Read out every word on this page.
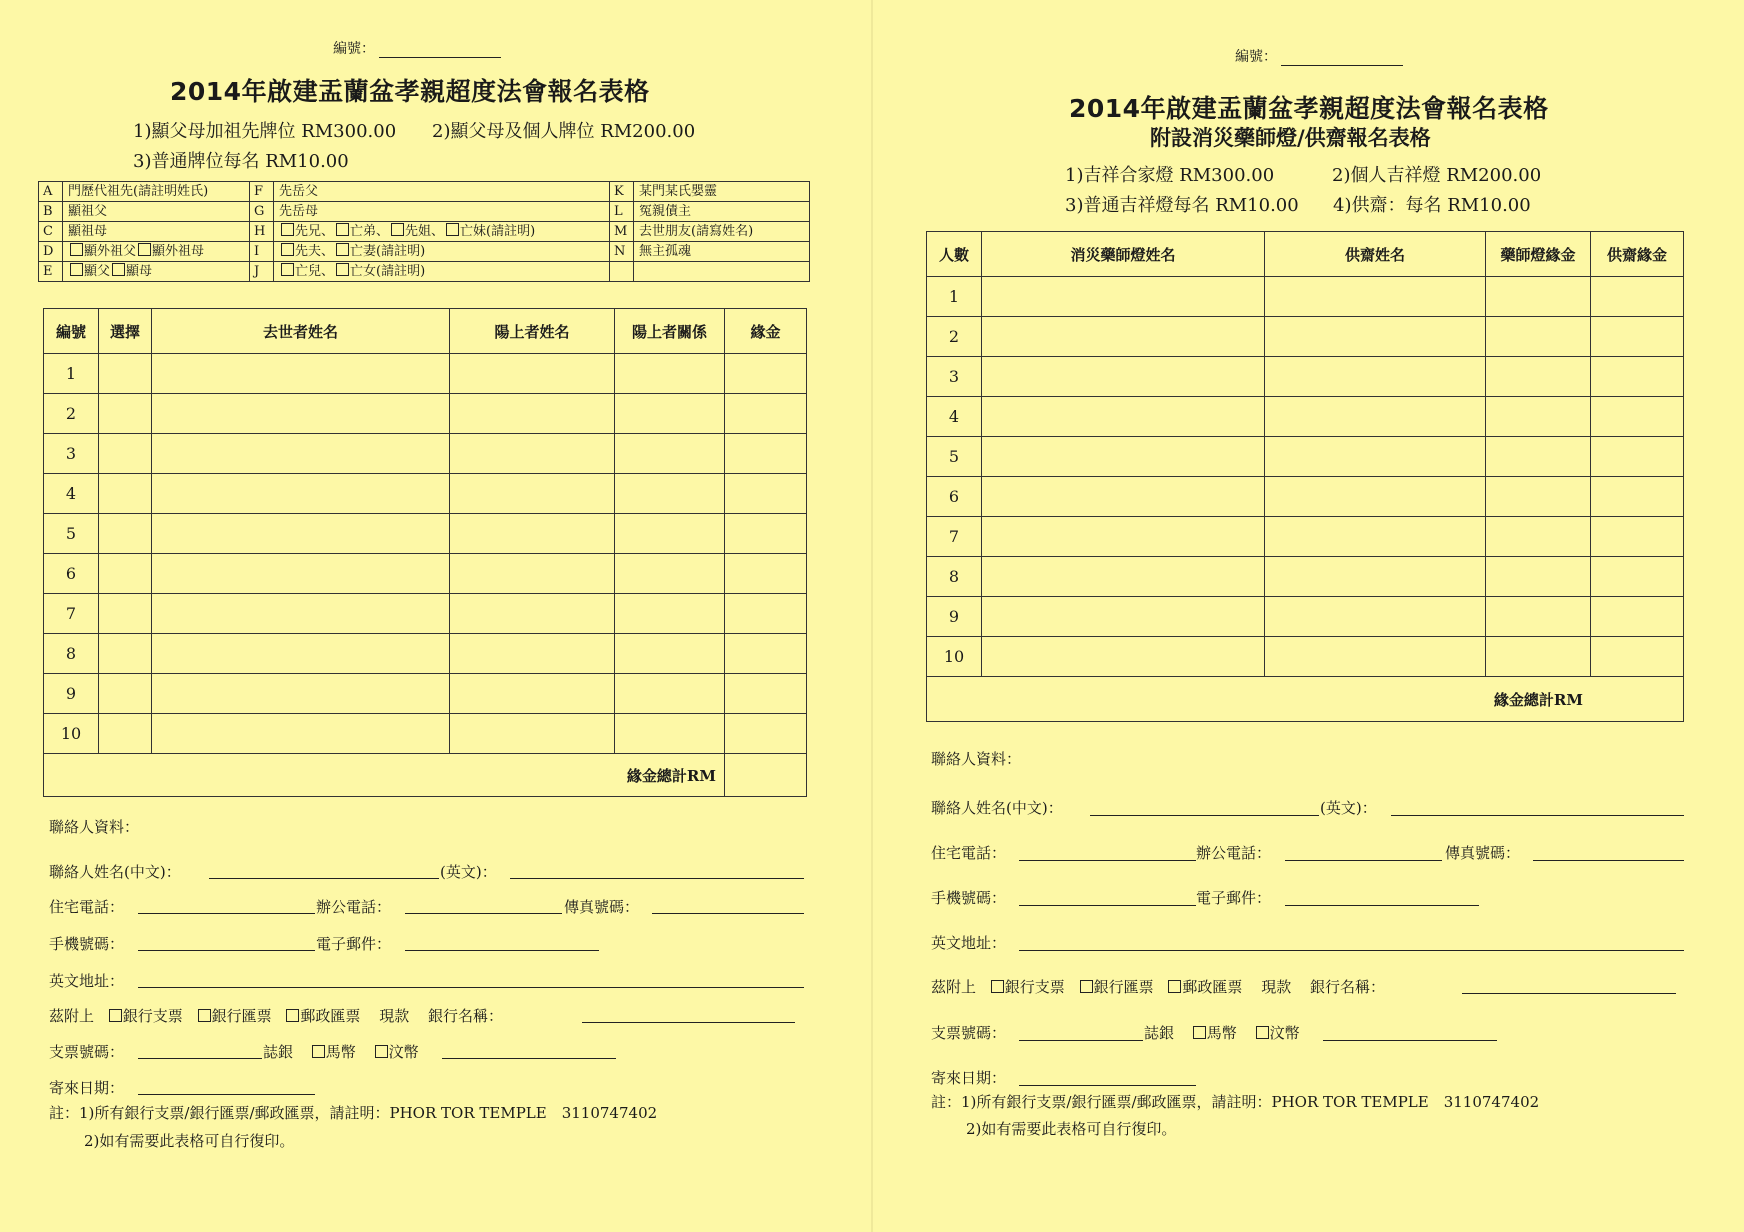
編號：
2014年啟建盂蘭盆孝親超度法會報名表格
1)顯父母加祖先牌位 RM300.00 2)顯父母及個人牌位 RM200.00
3)普通牌位每名 RM10.00
A	門歷代祖先(請註明姓氏)	F	先岳父	K	某門某氏嬰靈
B	顯祖父	G	先岳母	L	冤親債主
C	顯祖母	H	先兄、 亡弟、 先姐、 亡妹(請註明)	M	去世朋友(請寫姓名)
D	顯外祖父 顯外祖母	I	先夫、 亡妻(請註明)	N	無主孤魂
E	顯父 顯母	J	亡兒、 亡女(請註明)		
編號	選擇	去世者姓名	陽上者姓名	陽上者關係	緣金
1					
2					
3					
4					
5					
6					
7					
8					
9					
10					
緣金總計RM					
聯絡人資料：
聯絡人姓名(中文)：	(英文)：
住宅電話：	辦公電話：	傳真號碼：
手機號碼：	電子郵件：
英文地址：
茲附上 銀行支票 銀行匯票 郵政匯票 現款 銀行名稱：
支票號碼：	誌銀 馬幣 汶幣
寄來日期：
註：1)所有銀行支票/銀行匯票/郵政匯票，請註明：PHOR TOR TEMPLE　3110747402
2)如有需要此表格可自行復印。
編號：
2014年啟建盂蘭盆孝親超度法會報名表格
附設消災藥師燈/供齋報名表格
1)吉祥合家燈 RM300.00	2)個人吉祥燈 RM200.00
3)普通吉祥燈每名 RM10.00 4)供齋：每名 RM10.00
人數	消災藥師燈姓名	供齋姓名	藥師燈緣金	供齋緣金
1				
2				
3				
4				
5				
6				
7				
8				
9				
10				
緣金總計RM				
聯絡人資料：
聯絡人姓名(中文)：	(英文)：
住宅電話：	辦公電話：	傳真號碼：
手機號碼：	電子郵件：
英文地址：
茲附上 銀行支票 銀行匯票 郵政匯票 現款 銀行名稱：
支票號碼：	誌銀 馬幣 汶幣
寄來日期：
註：1)所有銀行支票/銀行匯票/郵政匯票，請註明：PHOR TOR TEMPLE　3110747402
2)如有需要此表格可自行復印。
